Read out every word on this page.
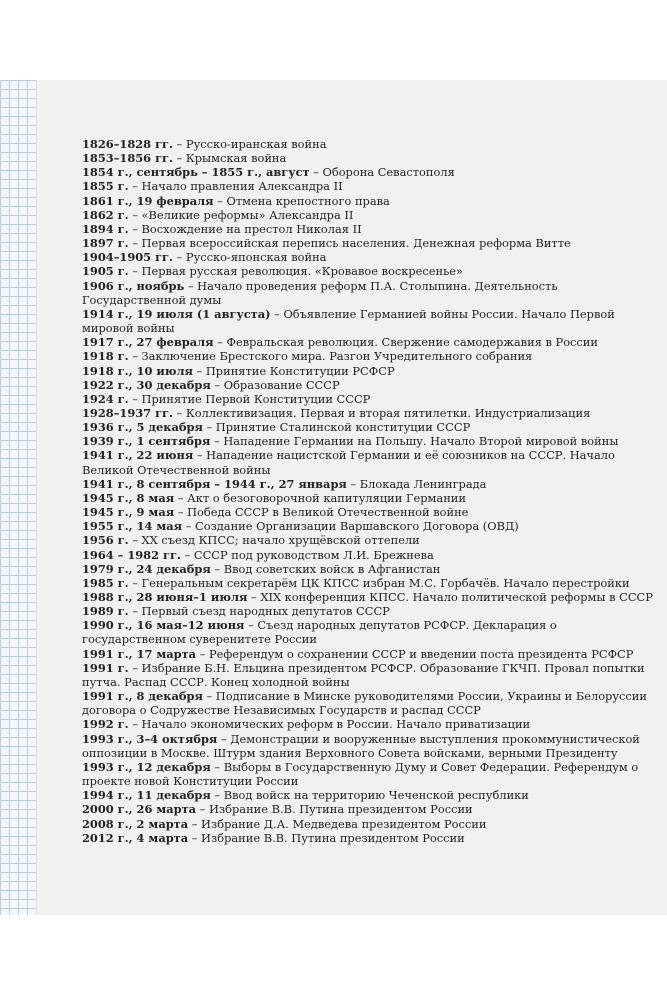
1826–1828 гг. – Русско-иранская война
1853–1856 гг. – Крымская война
1854 г., сентябрь – 1855 г., август – Оборона Севастополя
1855 г. – Начало правления Александра II
1861 г., 19 февраля – Отмена крепостного права
1862 г. – «Великие реформы» Александра II
1894 г. – Восхождение на престол Николая II
1897 г. – Первая всероссийская перепись населения. Денежная реформа Витте
1904–1905 гг. – Русско-японская война
1905 г. – Первая русская революция. «Кровавое воскресенье»
1906 г., ноябрь – Начало проведения реформ П.А. Столыпина. Деятельность Государственной думы
1914 г., 19 июля (1 августа) – Объявление Германией войны России. Начало Первой мировой войны
1917 г., 27 февраля – Февральская революция. Свержение самодержавия в России
1918 г. – Заключение Брестского мира. Разгон Учредительного собрания
1918 г., 10 июля – Принятие Конституции РСФСР
1922 г., 30 декабря – Образование СССР
1924 г. – Принятие Первой Конституции СССР
1928–1937 гг. – Коллективизация. Первая и вторая пятилетки. Индустриализация
1936 г., 5 декабря – Принятие Сталинской конституции СССР
1939 г., 1 сентября – Нападение Германии на Польшу. Начало Второй мировой войны
1941 г., 22 июня – Нападение нацистской Германии и её союзников на СССР. Начало Великой Отечественной войны
1941 г., 8 сентября – 1944 г., 27 января – Блокада Ленинграда
1945 г., 8 мая – Акт о безоговорочной капитуляции Германии
1945 г., 9 мая – Победа СССР в Великой Отечественной войне
1955 г., 14 мая – Создание Организации Варшавского Договора (ОВД)
1956 г. – XX съезд КПСС; начало хрущёвской оттепели
1964 – 1982 гг. – СССР под руководством Л.И. Брежнева
1979 г., 24 декабря – Ввод советских войск в Афганистан
1985 г. – Генеральным секретарём ЦК КПСС избран М.С. Горбачёв. Начало перестройки
1988 г., 28 июня–1 июля – XIX конференция КПСС. Начало политической реформы в СССР
1989 г. – Первый съезд народных депутатов СССР
1990 г., 16 мая–12 июня – Съезд народных депутатов РСФСР. Декларация о государственном суверенитете России
1991 г., 17 марта – Референдум о сохранении СССР и введении поста президента РСФСР
1991 г. – Избрание Б.Н. Ельцина президентом РСФСР. Образование ГКЧП. Провал попытки путча. Распад СССР. Конец холодной войны
1991 г., 8 декабря – Подписание в Минске руководителями России, Украины и Белоруссии договора о Содружестве Независимых Государств и распад СССР
1992 г. – Начало экономических реформ в России. Начало приватизации
1993 г., 3–4 октября – Демонстрации и вооруженные выступления прокоммунистической оппозиции в Москве. Штурм здания Верховного Совета войсками, верными Президенту
1993 г., 12 декабря – Выборы в Государственную Думу и Совет Федерации. Референдум о проекте новой Конституции России
1994 г., 11 декабря – Ввод войск на территорию Чеченской республики
2000 г., 26 марта – Избрание В.В. Путина президентом России
2008 г., 2 марта – Избрание Д.А. Медведева президентом России
2012 г., 4 марта – Избрание В.В. Путина президентом России
